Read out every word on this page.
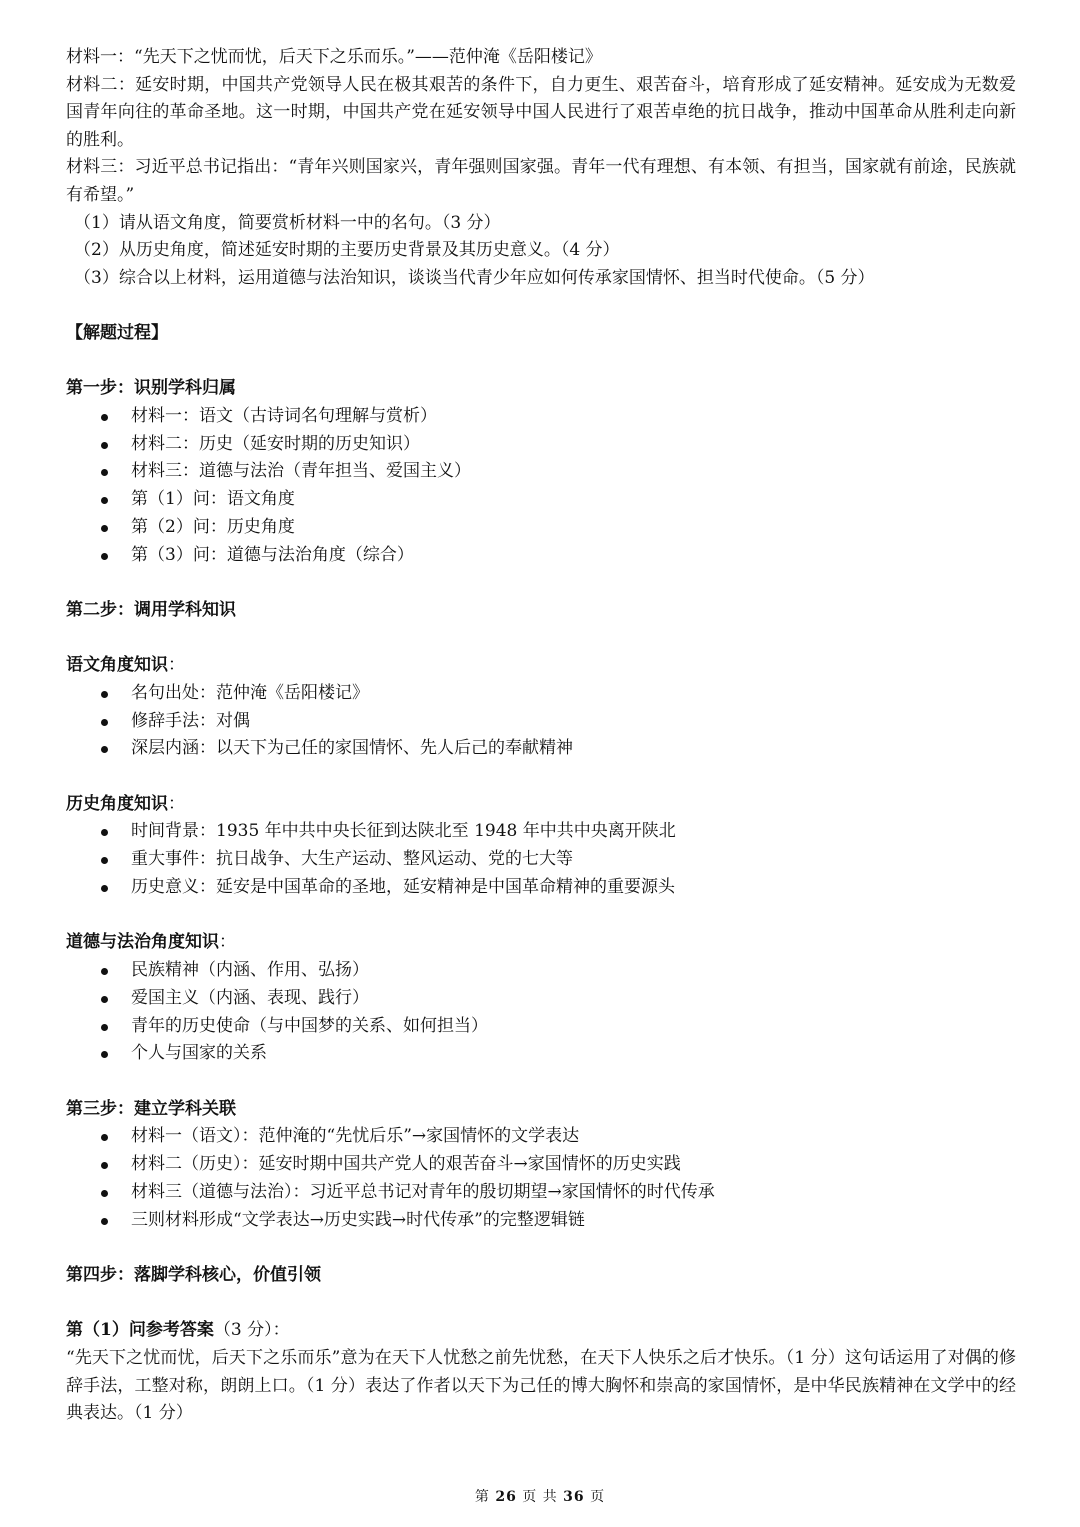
材料一：“先天下之忧而忧，后天下之乐而乐。”——范仲淹《岳阳楼记》

材料二：延安时期，中国共产党领导人民在极其艰苦的条件下，自力更生、艰苦奋斗，培育形成了延安精神。延安成为无数爱国青年向往的革命圣地。这一时期，中国共产党在延安领导中国人民进行了艰苦卓绝的抗日战争，推动中国革命从胜利走向新的胜利。

材料三：习近平总书记指出：“青年兴则国家兴，青年强则国家强。青年一代有理想、有本领、有担当，国家就有前途，民族就有希望。”

（1）请从语文角度，简要赏析材料一中的名句。（3 分）

（2）从历史角度，简述延安时期的主要历史背景及其历史意义。（4 分）

（3）综合以上材料，运用道德与法治知识，谈谈当代青少年应如何传承家国情怀、担当时代使命。（5 分）

【解题过程】

第一步：识别学科归属

材料一：语文（古诗词名句理解与赏析）
材料二：历史（延安时期的历史知识）
材料三：道德与法治（青年担当、爱国主义）
第（1）问：语文角度
第（2）问：历史角度
第（3）问：道德与法治角度（综合）

第二步：调用学科知识

语文角度知识：

名句出处：范仲淹《岳阳楼记》
修辞手法：对偶
深层内涵：以天下为己任的家国情怀、先人后己的奉献精神

历史角度知识：

时间背景：1935 年中共中央长征到达陕北至 1948 年中共中央离开陕北
重大事件：抗日战争、大生产运动、整风运动、党的七大等
历史意义：延安是中国革命的圣地，延安精神是中国革命精神的重要源头

道德与法治角度知识：

民族精神（内涵、作用、弘扬）
爱国主义（内涵、表现、践行）
青年的历史使命（与中国梦的关系、如何担当）
个人与国家的关系

第三步：建立学科关联

材料一（语文）：范仲淹的“先忧后乐”→家国情怀的文学表达
材料二（历史）：延安时期中国共产党人的艰苦奋斗→家国情怀的历史实践
材料三（道德与法治）：习近平总书记对青年的殷切期望→家国情怀的时代传承
三则材料形成“文学表达→历史实践→时代传承”的完整逻辑链

第四步：落脚学科核心，价值引领

第（1）问参考答案（3 分）：

“先天下之忧而忧，后天下之乐而乐”意为在天下人忧愁之前先忧愁，在天下人快乐之后才快乐。（1 分）这句话运用了对偶的修辞手法，工整对称，朗朗上口。（1 分）表达了作者以天下为己任的博大胸怀和崇高的家国情怀，是中华民族精神在文学中的经典表达。（1 分）

第 26 页 共 36 页
